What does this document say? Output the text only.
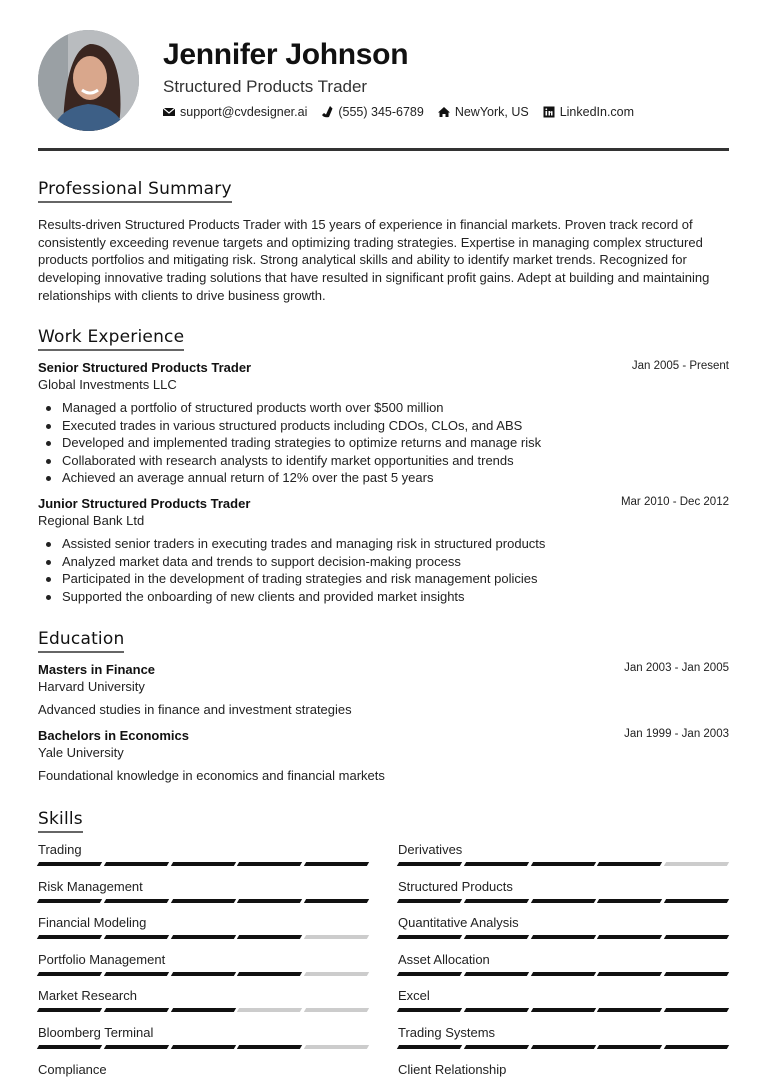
Jennifer Johnson
Structured Products Trader
support@cvdesigner.ai (555) 345-6789 NewYork, US LinkedIn.com
Professional Summary
Results-driven Structured Products Trader with 15 years of experience in financial markets. Proven track record of consistently exceeding revenue targets and optimizing trading strategies. Expertise in managing complex structured products portfolios and mitigating risk. Strong analytical skills and ability to identify market trends. Recognized for developing innovative trading solutions that have resulted in significant profit gains. Adept at building and maintaining relationships with clients to drive business growth.
Work Experience
Senior Structured Products Trader	Jan 2005 - Present
Global Investments LLC
Managed a portfolio of structured products worth over $500 million
Executed trades in various structured products including CDOs, CLOs, and ABS
Developed and implemented trading strategies to optimize returns and manage risk
Collaborated with research analysts to identify market opportunities and trends
Achieved an average annual return of 12% over the past 5 years
Junior Structured Products Trader	Mar 2010 - Dec 2012
Regional Bank Ltd
Assisted senior traders in executing trades and managing risk in structured products
Analyzed market data and trends to support decision-making process
Participated in the development of trading strategies and risk management policies
Supported the onboarding of new clients and provided market insights
Education
Masters in Finance	Jan 2003 - Jan 2005
Harvard University
Advanced studies in finance and investment strategies
Bachelors in Economics	Jan 1999 - Jan 2003
Yale University
Foundational knowledge in economics and financial markets
Skills
Trading	Derivatives
Risk Management	Structured Products
Financial Modeling	Quantitative Analysis
Portfolio Management	Asset Allocation
Market Research	Excel
Bloomberg Terminal	Trading Systems
Compliance	Client Relationship
